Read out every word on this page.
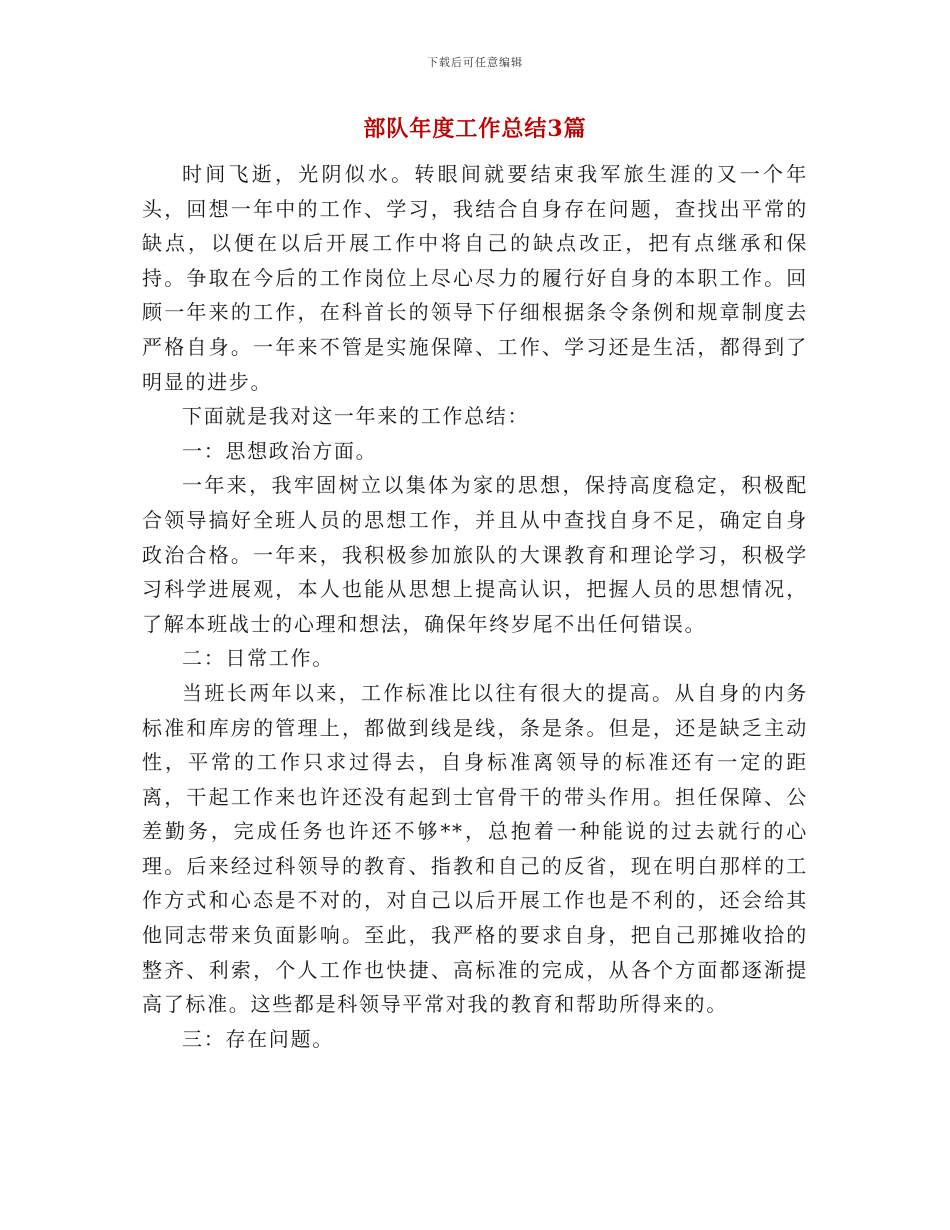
下载后可任意编辑
部队年度工作总结3篇

时间飞逝，光阴似水。转眼间就要结束我军旅生涯的又一个年头，回想一年中的工作、学习，我结合自身存在问题，查找出平常的缺点，以便在以后开展工作中将自己的缺点改正，把有点继承和保持。争取在今后的工作岗位上尽心尽力的履行好自身的本职工作。回顾一年来的工作，在科首长的领导下仔细根据条令条例和规章制度去严格自身。一年来不管是实施保障、工作、学习还是生活，都得到了明显的进步。

下面就是我对这一年来的工作总结：

一：思想政治方面。

一年来，我牢固树立以集体为家的思想，保持高度稳定，积极配合领导搞好全班人员的思想工作，并且从中查找自身不足，确定自身政治合格。一年来，我积极参加旅队的大课教育和理论学习，积极学习科学进展观，本人也能从思想上提高认识，把握人员的思想情况，了解本班战士的心理和想法，确保年终岁尾不出任何错误。

二：日常工作。

当班长两年以来，工作标准比以往有很大的提高。从自身的内务标准和库房的管理上，都做到线是线，条是条。但是，还是缺乏主动性，平常的工作只求过得去，自身标准离领导的标准还有一定的距离，干起工作来也许还没有起到士官骨干的带头作用。担任保障、公差勤务，完成任务也许还不够**，总抱着一种能说的过去就行的心理。后来经过科领导的教育、指教和自己的反省，现在明白那样的工作方式和心态是不对的，对自己以后开展工作也是不利的，还会给其他同志带来负面影响。至此，我严格的要求自身，把自己那摊收拾的整齐、利索，个人工作也快捷、高标准的完成，从各个方面都逐渐提高了标准。这些都是科领导平常对我的教育和帮助所得来的。

三：存在问题。
